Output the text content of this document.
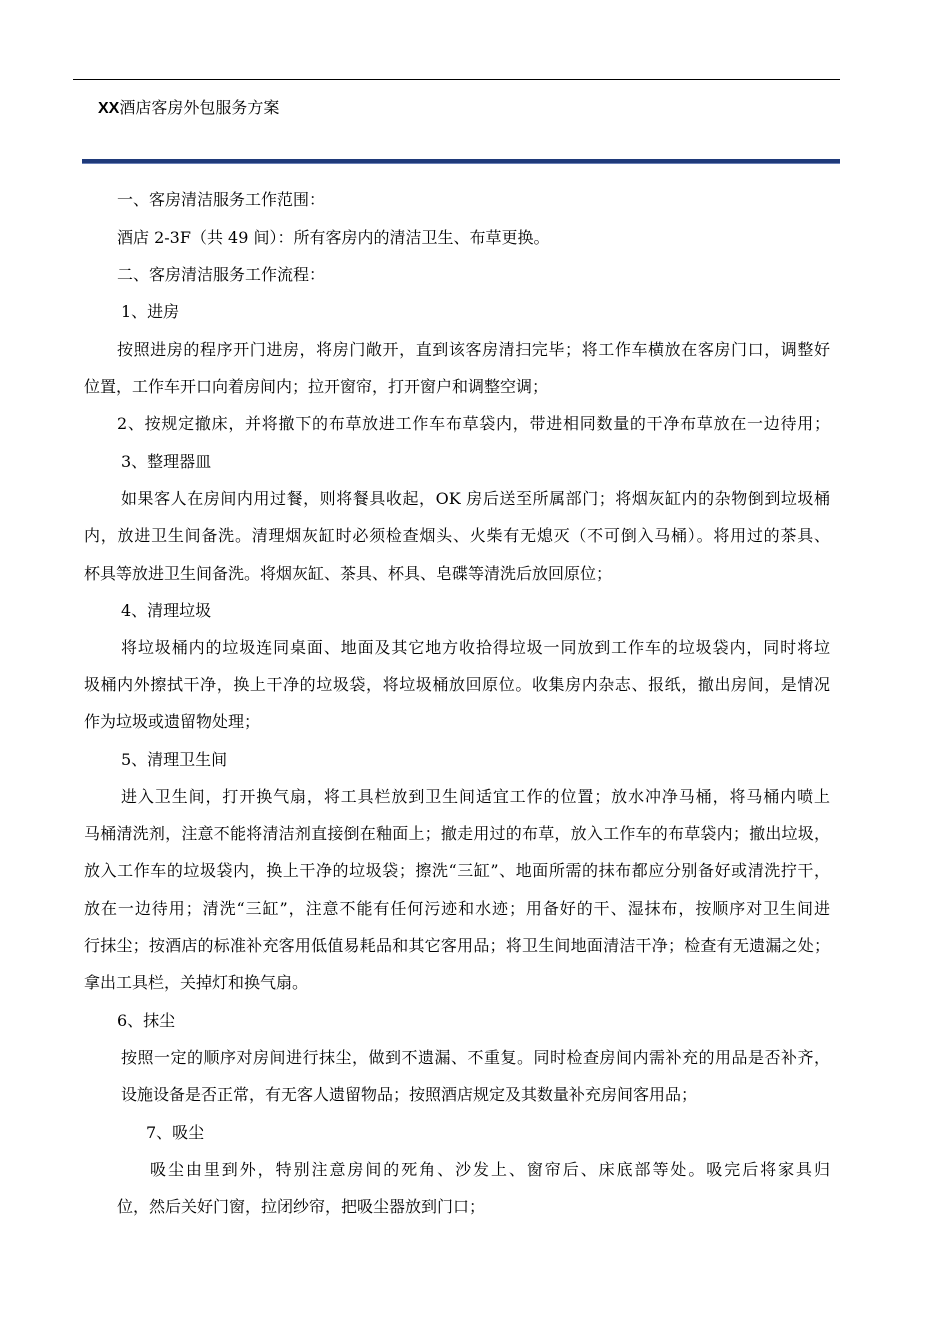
XX酒店客房外包服务方案
一、客房清洁服务工作范围：
酒店 2-3F（共 49 间）：所有客房内的清洁卫生、布草更换。
二、客房清洁服务工作流程：
1、进房
按照进房的程序开门进房，将房门敞开，直到该客房清扫完毕；将工作车横放在客房门口，调整好
位置，工作车开口向着房间内；拉开窗帘，打开窗户和调整空调；
2、按规定撤床，并将撤下的布草放进工作车布草袋内，带进相同数量的干净布草放在一边待用；
3、整理器皿
如果客人在房间内用过餐，则将餐具收起，OK 房后送至所属部门；将烟灰缸内的杂物倒到垃圾桶
内，放进卫生间备洗。清理烟灰缸时必须检查烟头、火柴有无熄灭（不可倒入马桶）。将用过的茶具、
杯具等放进卫生间备洗。将烟灰缸、茶具、杯具、皂碟等清洗后放回原位；
4、清理垃圾
将垃圾桶内的垃圾连同桌面、地面及其它地方收拾得垃圾一同放到工作车的垃圾袋内，同时将垃
圾桶内外擦拭干净，换上干净的垃圾袋，将垃圾桶放回原位。收集房内杂志、报纸，撤出房间，是情况
作为垃圾或遗留物处理；
5、清理卫生间
进入卫生间，打开换气扇，将工具栏放到卫生间适宜工作的位置；放水冲净马桶，将马桶内喷上
马桶清洗剂，注意不能将清洁剂直接倒在釉面上；撤走用过的布草，放入工作车的布草袋内；撤出垃圾，
放入工作车的垃圾袋内，换上干净的垃圾袋；擦洗“三缸”、地面所需的抹布都应分别备好或清洗拧干，
放在一边待用；清洗“三缸”，注意不能有任何污迹和水迹；用备好的干、湿抹布，按顺序对卫生间进
行抹尘；按酒店的标准补充客用低值易耗品和其它客用品；将卫生间地面清洁干净；检查有无遗漏之处；
拿出工具栏，关掉灯和换气扇。
6、抹尘
按照一定的顺序对房间进行抹尘，做到不遗漏、不重复。同时检查房间内需补充的用品是否补齐，
设施设备是否正常，有无客人遗留物品；按照酒店规定及其数量补充房间客用品；
7、吸尘
吸尘由里到外，特别注意房间的死角、沙发上、窗帘后、床底部等处。吸完后将家具归
位，然后关好门窗，拉闭纱帘，把吸尘器放到门口；
